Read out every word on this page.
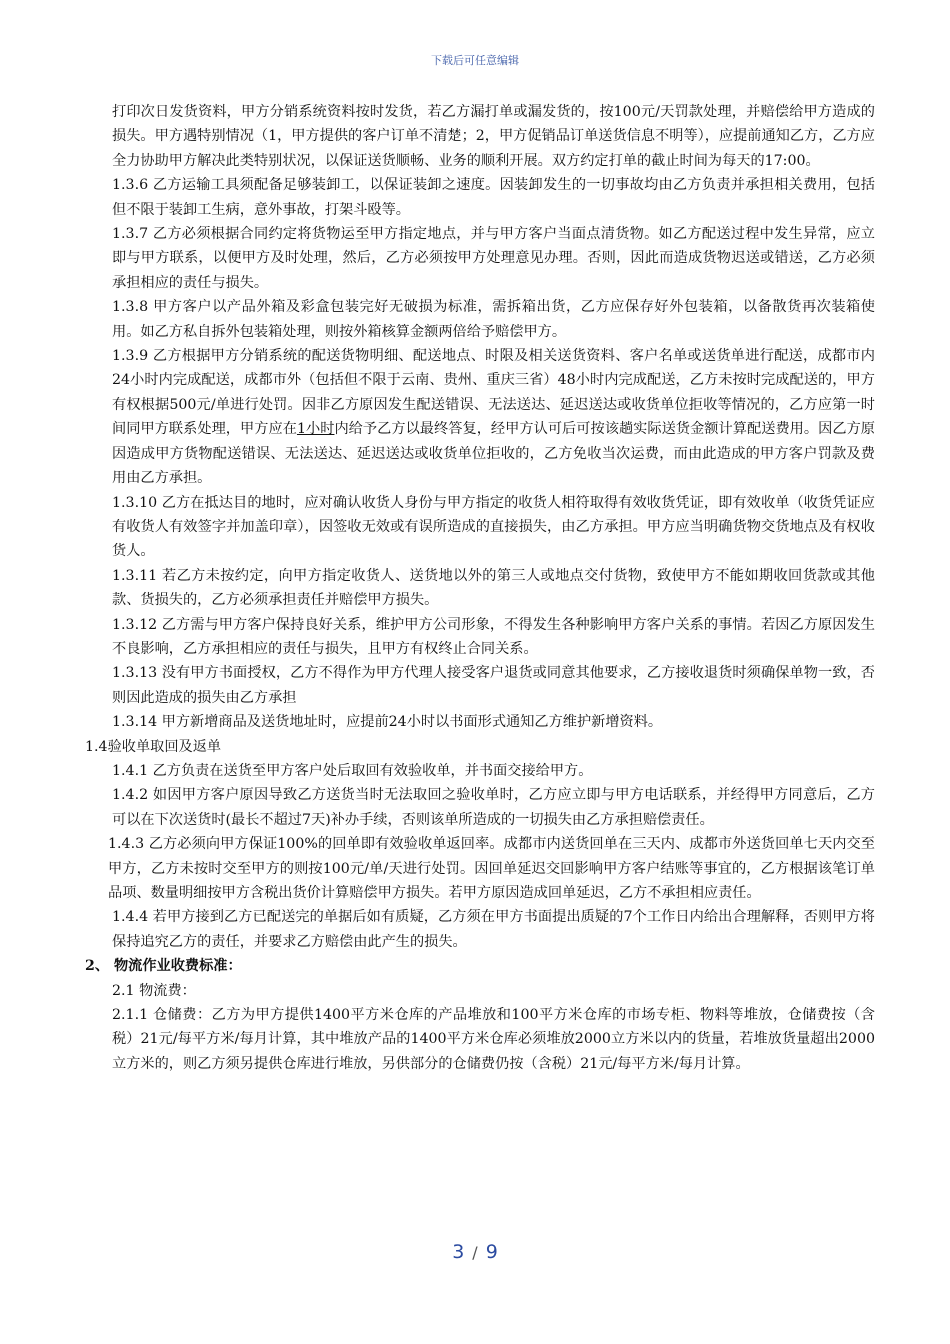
下载后可任意编辑

打印次日发货资料，甲方分销系统资料按时发货，若乙方漏打单或漏发货的，按100元/天罚款处理，并赔偿给甲方造成的损失。甲方遇特别情况（1，甲方提供的客户订单不清楚；2，甲方促销品订单送货信息不明等），应提前通知乙方，乙方应全力协助甲方解决此类特别状况，以保证送货顺畅、业务的顺利开展。双方约定打单的截止时间为每天的17:00。

1.3.6 乙方运输工具须配备足够装卸工，以保证装卸之速度。因装卸发生的一切事故均由乙方负责并承担相关费用，包括但不限于装卸工生病，意外事故，打架斗殴等。

1.3.7 乙方必须根据合同约定将货物运至甲方指定地点，并与甲方客户当面点清货物。如乙方配送过程中发生异常，应立即与甲方联系，以便甲方及时处理，然后，乙方必须按甲方处理意见办理。否则，因此而造成货物迟送或错送，乙方必须承担相应的责任与损失。

1.3.8 甲方客户以产品外箱及彩盒包装完好无破损为标准，需拆箱出货，乙方应保存好外包装箱，以备散货再次装箱使用。如乙方私自拆外包装箱处理，则按外箱核算金额两倍给予赔偿甲方。

1.3.9 乙方根据甲方分销系统的配送货物明细、配送地点、时限及相关送货资料、客户名单或送货单进行配送，成都市内24小时内完成配送，成都市外（包括但不限于云南、贵州、重庆三省）48小时内完成配送，乙方未按时完成配送的，甲方有权根据500元/单进行处罚。因非乙方原因发生配送错误、无法送达、延迟送达或收货单位拒收等情况的，乙方应第一时间同甲方联系处理，甲方应在1小时内给予乙方以最终答复，经甲方认可后可按该趟实际送货金额计算配送费用。因乙方原因造成甲方货物配送错误、无法送达、延迟送达或收货单位拒收的，乙方免收当次运费，而由此造成的甲方客户罚款及费用由乙方承担。

1.3.10 乙方在抵达目的地时，应对确认收货人身份与甲方指定的收货人相符取得有效收货凭证，即有效收单（收货凭证应有收货人有效签字并加盖印章），因签收无效或有误所造成的直接损失，由乙方承担。甲方应当明确货物交货地点及有权收货人。

1.3.11 若乙方未按约定，向甲方指定收货人、送货地以外的第三人或地点交付货物，致使甲方不能如期收回货款或其他款、货损失的，乙方必须承担责任并赔偿甲方损失。

1.3.12 乙方需与甲方客户保持良好关系，维护甲方公司形象，不得发生各种影响甲方客户关系的事情。若因乙方原因发生不良影响，乙方承担相应的责任与损失，且甲方有权终止合同关系。

1.3.13 没有甲方书面授权，乙方不得作为甲方代理人接受客户退货或同意其他要求，乙方接收退货时须确保单物一致，否则因此造成的损失由乙方承担

1.3.14 甲方新增商品及送货地址时，应提前24小时以书面形式通知乙方维护新增资料。

1.4验收单取回及返单

1.4.1 乙方负责在送货至甲方客户处后取回有效验收单，并书面交接给甲方。

1.4.2 如因甲方客户原因导致乙方送货当时无法取回之验收单时，乙方应立即与甲方电话联系，并经得甲方同意后，乙方可以在下次送货时(最长不超过7天)补办手续，否则该单所造成的一切损失由乙方承担赔偿责任。

1.4.3 乙方必须向甲方保证100%的回单即有效验收单返回率。成都市内送货回单在三天内、成都市外送货回单七天内交至甲方，乙方未按时交至甲方的则按100元/单/天进行处罚。因回单延迟交回影响甲方客户结账等事宜的，乙方根据该笔订单品项、数量明细按甲方含税出货价计算赔偿甲方损失。若甲方原因造成回单延迟，乙方不承担相应责任。

1.4.4 若甲方接到乙方已配送完的单据后如有质疑，乙方须在甲方书面提出质疑的7个工作日内给出合理解释，否则甲方将保持追究乙方的责任，并要求乙方赔偿由此产生的损失。

2、 物流作业收费标准：

2.1 物流费：

2.1.1 仓储费：乙方为甲方提供1400平方米仓库的产品堆放和100平方米仓库的市场专柜、物料等堆放，仓储费按（含税）21元/每平方米/每月计算，其中堆放产品的1400平方米仓库必须堆放2000立方米以内的货量，若堆放货量超出2000立方米的，则乙方须另提供仓库进行堆放，另供部分的仓储费仍按（含税）21元/每平方米/每月计算。

3 / 9
